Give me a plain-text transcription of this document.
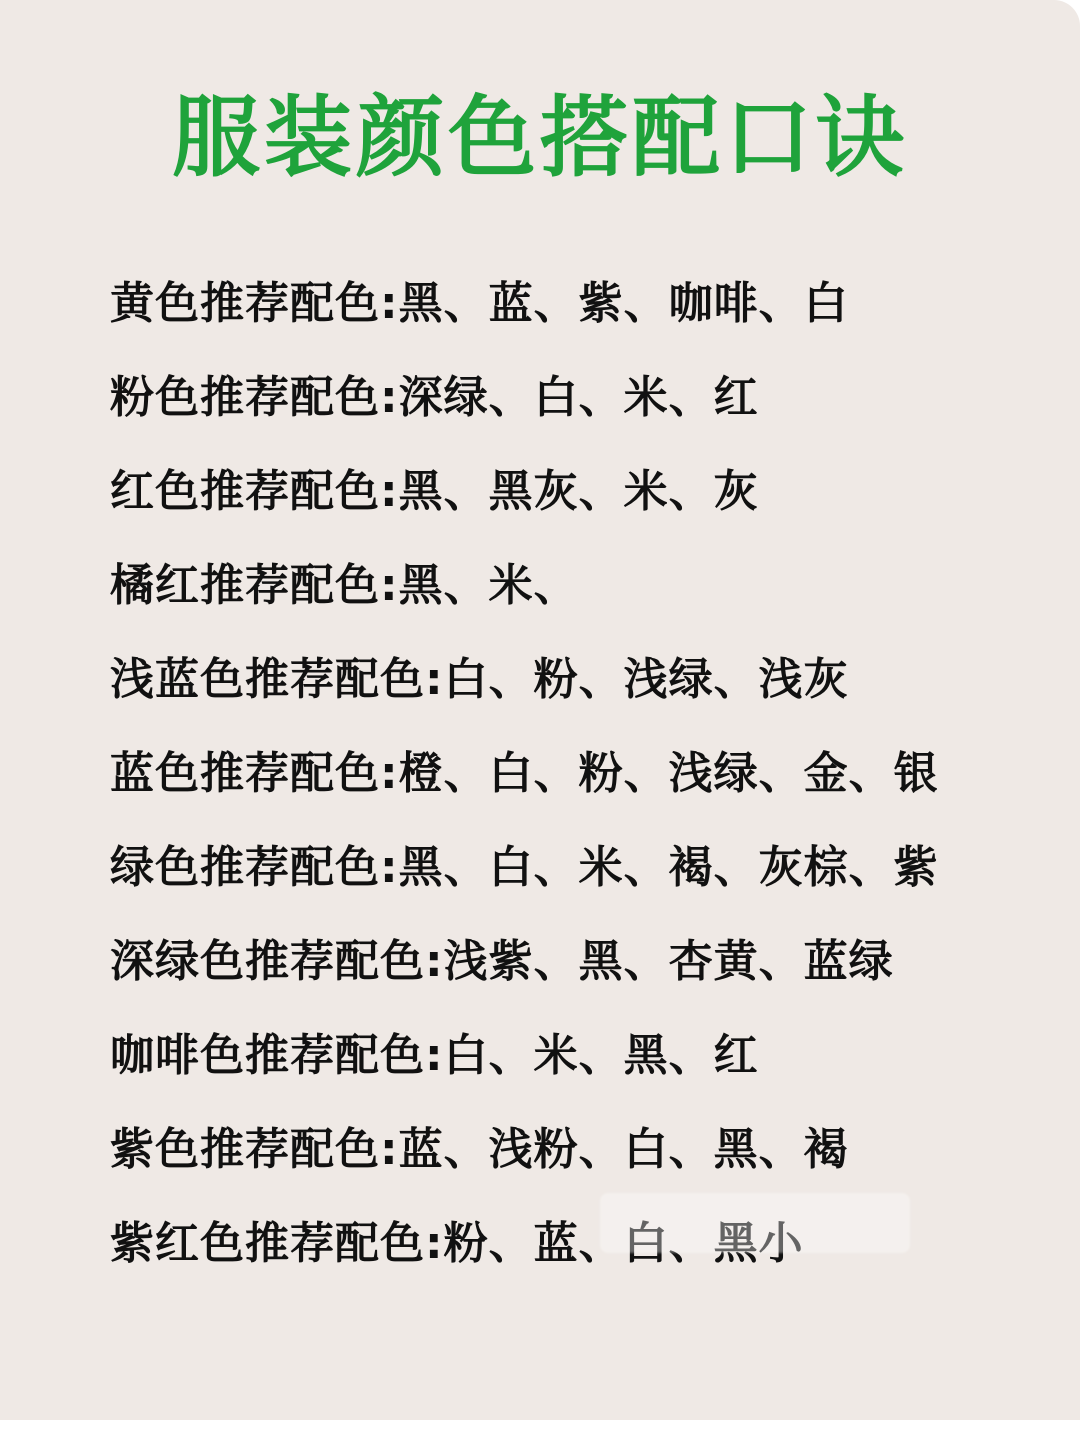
服装颜色搭配口诀
黄色推荐配色:黑、蓝、紫、咖啡、白
粉色推荐配色:深绿、白、米、红
红色推荐配色:黑、黑灰、米、灰
橘红推荐配色:黑、米、
浅蓝色推荐配色:白、粉、浅绿、浅灰
蓝色推荐配色:橙、白、粉、浅绿、金、银
绿色推荐配色:黑、白、米、褐、灰棕、紫
深绿色推荐配色:浅紫、黑、杏黄、蓝绿
咖啡色推荐配色:白、米、黑、红
紫色推荐配色:蓝、浅粉、白、黑、褐
紫红色推荐配色:粉、蓝、白、黑小
